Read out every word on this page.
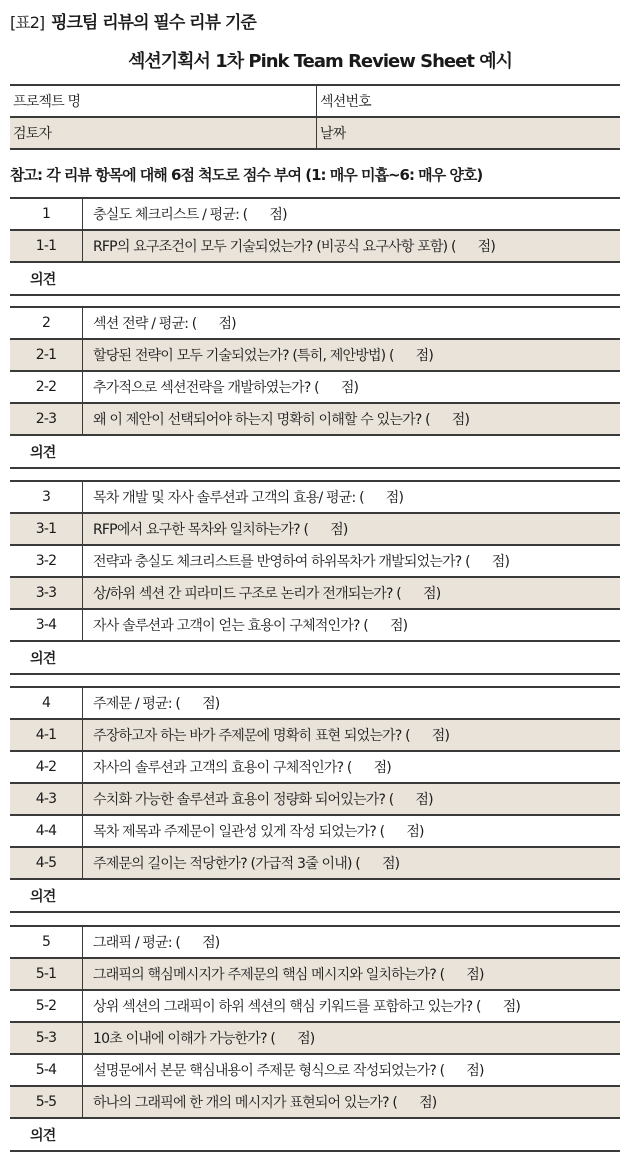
[표2] 핑크팀 리뷰의 필수 리뷰 기준
섹션기획서 1차 Pink Team Review Sheet 예시
프로젝트 명	섹션번호
검토자	날짜
참고: 각 리뷰 항목에 대해 6점 척도로 점수 부여 (1: 매우 미흡~6: 매우 양호)
1	충실도 체크리스트 / 평균: ( 점)
1-1	RFP의 요구조건이 모두 기술되었는가? (비공식 요구사항 포함) ( 점)
의견	
2	섹션 전략 / 평균: ( 점)
2-1	할당된 전략이 모두 기술되었는가? (특히, 제안방법) ( 점)
2-2	추가적으로 섹션전략을 개발하였는가? ( 점)
2-3	왜 이 제안이 선택되어야 하는지 명확히 이해할 수 있는가? ( 점)
의견	
3	목차 개발 및 자사 솔루션과 고객의 효용/ 평균: ( 점)
3-1	RFP에서 요구한 목차와 일치하는가? ( 점)
3-2	전략과 충실도 체크리스트를 반영하여 하위목차가 개발되었는가? ( 점)
3-3	상/하위 섹션 간 피라미드 구조로 논리가 전개되는가? ( 점)
3-4	자사 솔루션과 고객이 얻는 효용이 구체적인가? ( 점)
의견	
4	주제문 / 평균: ( 점)
4-1	주장하고자 하는 바가 주제문에 명확히 표현 되었는가? ( 점)
4-2	자사의 솔루션과 고객의 효용이 구체적인가? ( 점)
4-3	수치화 가능한 솔루션과 효용이 정량화 되어있는가? ( 점)
4-4	목차 제목과 주제문이 일관성 있게 작성 되었는가? ( 점)
4-5	주제문의 길이는 적당한가? (가급적 3줄 이내) ( 점)
의견	
5	그래픽 / 평균: ( 점)
5-1	그래픽의 핵심메시지가 주제문의 핵심 메시지와 일치하는가? ( 점)
5-2	상위 섹션의 그래픽이 하위 섹션의 핵심 키워드를 포함하고 있는가? ( 점)
5-3	10초 이내에 이해가 가능한가? ( 점)
5-4	설명문에서 본문 핵심내용이 주제문 형식으로 작성되었는가? ( 점)
5-5	하나의 그래픽에 한 개의 메시지가 표현되어 있는가? ( 점)
의견	
